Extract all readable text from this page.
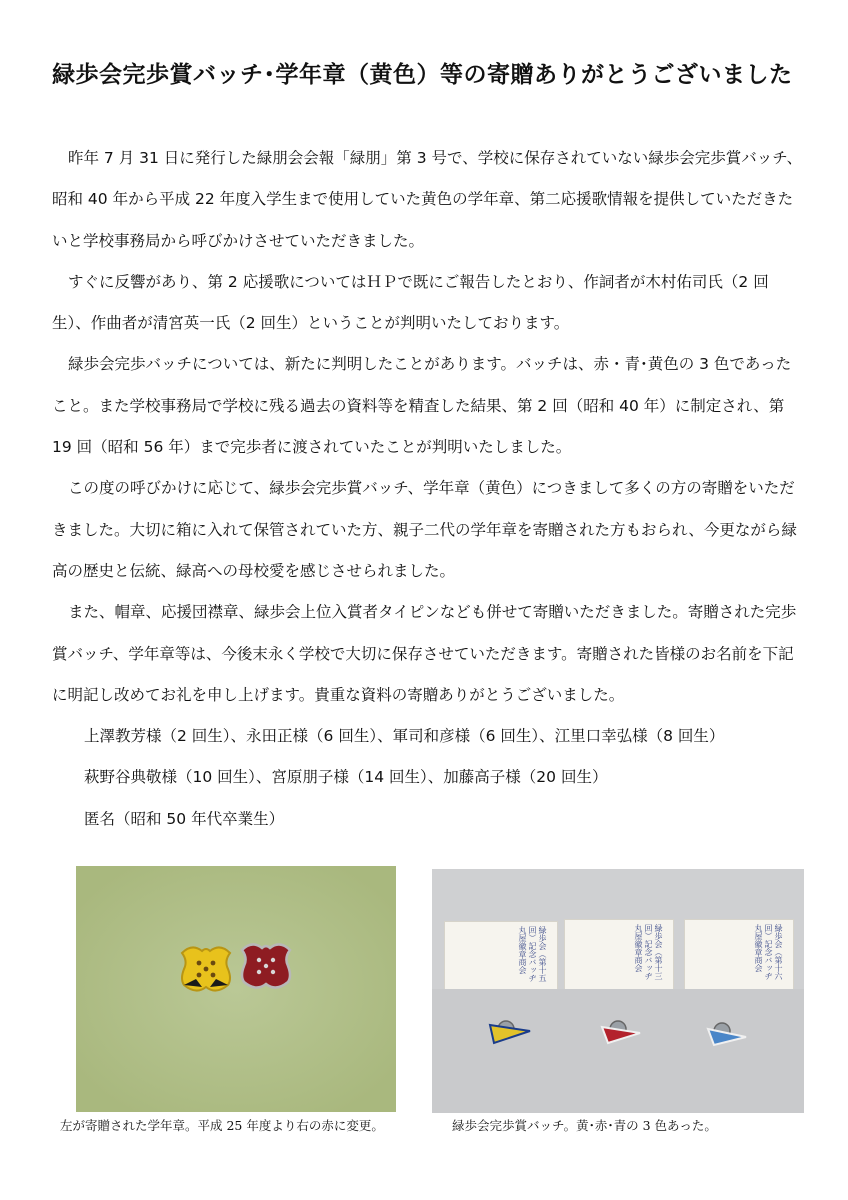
緑歩会完歩賞バッチ･学年章（黄色）等の寄贈ありがとうございました

昨年 7 月 31 日に発行した緑朋会会報「緑朋」第 3 号で、学校に保存されていない緑歩会完歩賞バッチ、昭和 40 年から平成 22 年度入学生まで使用していた黄色の学年章、第二応援歌情報を提供していただきたいと学校事務局から呼びかけさせていただきました。

すぐに反響があり、第 2 応援歌についてはＨＰで既にご報告したとおり、作詞者が木村佑司氏（2 回生）、作曲者が清宮英一氏（2 回生）ということが判明いたしております。

緑歩会完歩バッチについては、新たに判明したことがあります。バッチは、赤・青･黄色の 3 色であったこと。また学校事務局で学校に残る過去の資料等を精査した結果、第 2 回（昭和 40 年）に制定され、第 19 回（昭和 56 年）まで完歩者に渡されていたことが判明いたしました。

この度の呼びかけに応じて、緑歩会完歩賞バッチ、学年章（黄色）につきまして多くの方の寄贈をいただきました。大切に箱に入れて保管されていた方、親子二代の学年章を寄贈された方もおられ、今更ながら緑高の歴史と伝統、緑高への母校愛を感じさせられました。

また、帽章、応援団襟章、緑歩会上位入賞者タイピンなども併せて寄贈いただきました。寄贈された完歩賞バッチ、学年章等は、今後末永く学校で大切に保存させていただきます。寄贈された皆様のお名前を下記に明記し改めてお礼を申し上げます。貴重な資料の寄贈ありがとうございました。

上澤教芳様（2 回生）、永田正様（6 回生）、軍司和彦様（6 回生）、江里口幸弘様（8 回生）

萩野谷典敬様（10 回生）、宮原朋子様（14 回生）、加藤高子様（20 回生）

匿名（昭和 50 年代卒業生）

緑歩会（第十五回）記念バッヂ 丸屋徽章商会	緑歩会（第十三回）記念バッヂ 丸屋徽章商会	緑歩会（第十六回）記念バッヂ 丸屋徽章商会
左が寄贈された学年章。平成 25 年度より右の赤に変更。	緑歩会完歩賞バッチ。黄･赤･青の 3 色あった。
